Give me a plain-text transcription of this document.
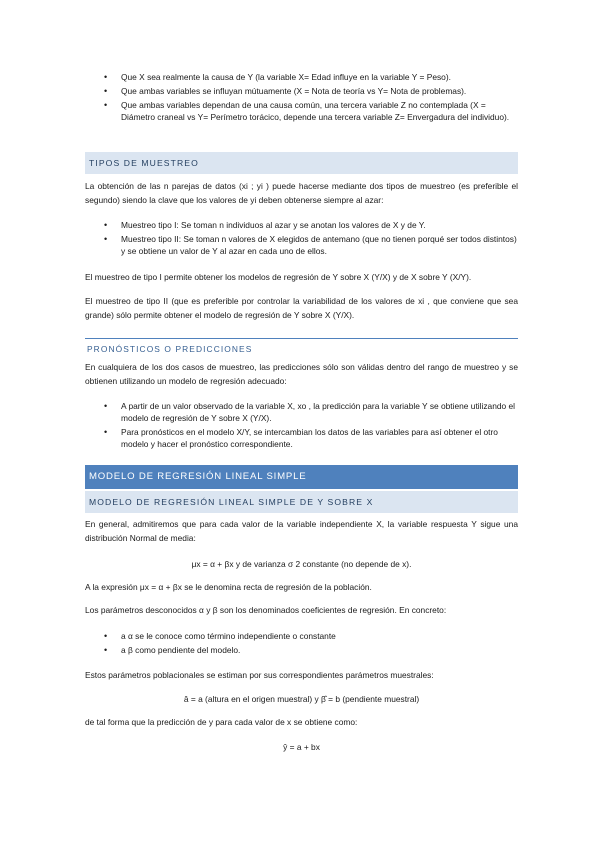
• Que X sea realmente la causa de Y (la variable X= Edad influye en la variable Y = Peso).
• Que ambas variables se influyan mútuamente (X = Nota de teoría vs Y= Nota de problemas).
• Que ambas variables dependan de una causa común, una tercera variable Z no contemplada (X = Diámetro craneal vs Y= Perímetro torácico, depende una tercera variable Z= Envergadura del individuo).
TIPOS DE MUESTREO

La obtención de las n parejas de datos (xi ; yi ) puede hacerse mediante dos tipos de muestreo (es preferible el segundo) siendo la clave que los valores de yi deben obtenerse siempre al azar:

• Muestreo tipo I: Se toman n individuos al azar y se anotan los valores de X y de Y.
• Muestreo tipo II: Se toman n valores de X elegidos de antemano (que no tienen porqué ser todos distintos) y se obtiene un valor de Y al azar en cada uno de ellos.

El muestreo de tipo I permite obtener los modelos de regresión de Y sobre X (Y/X) y de X sobre Y (X/Y).

El muestreo de tipo II (que es preferible por controlar la variabilidad de los valores de xi , que conviene que sea grande) sólo permite obtener el modelo de regresión de Y sobre X (Y/X).

PRONÓSTICOS O PREDICCIONES

En cualquiera de los dos casos de muestreo, las predicciones sólo son válidas dentro del rango de muestreo y se obtienen utilizando un modelo de regresión adecuado:

• A partir de un valor observado de la variable X, xo , la predicción para la variable Y se obtiene utilizando el modelo de regresión de Y sobre X (Y/X).
• Para pronósticos en el modelo X/Y, se intercambian los datos de las variables para así obtener el otro modelo y hacer el pronóstico correspondiente.
MODELO DE REGRESIÓN LINEAL SIMPLE
MODELO DE REGRESIÓN LINEAL SIMPLE DE Y SOBRE X

En general, admitiremos que para cada valor de la variable independiente X, la variable respuesta Y sigue una distribución Normal de media:

μx = α + βx y de varianza σ 2 constante (no depende de x).

A la expresión μx = α + βx se le denomina recta de regresión de la población.

Los parámetros desconocidos α y β son los denominados coeficientes de regresión. En concreto:

• a α se le conoce como término independiente o constante
• a β como pendiente del modelo.

Estos parámetros poblacionales se estiman por sus correspondientes parámetros muestrales:

â = a (altura en el origen muestral) y β̂ = b (pendiente muestral)

de tal forma que la predicción de y para cada valor de x se obtiene como:

ŷ = a + bx
